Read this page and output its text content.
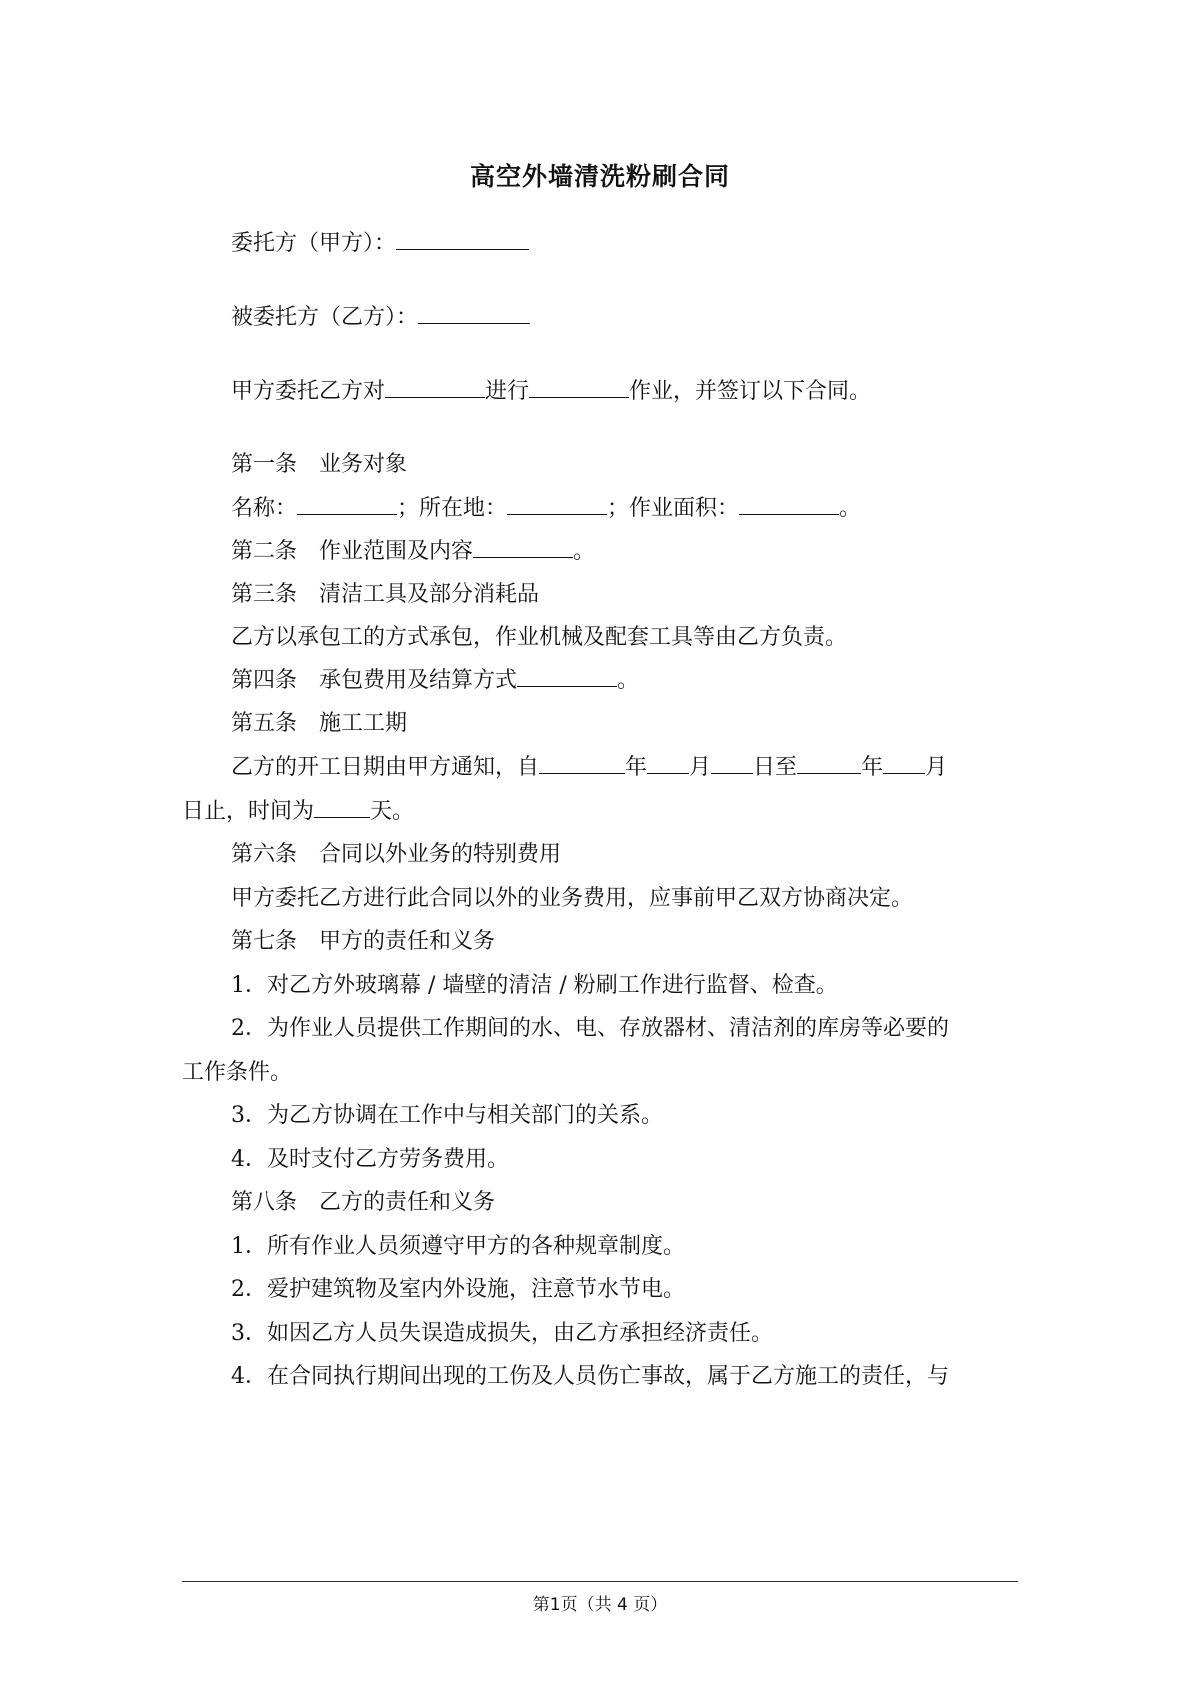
高空外墙清洗粉刷合同
委托方（甲方）：
被委托方（乙方）：
甲方委托乙方对	进行	作业，并签订以下合同。
第一条 业务对象
名称：	；所在地：	；作业面积：	。
第二条 作业范围及内容	。
第三条 清洁工具及部分消耗品
乙方以承包工的方式承包，作业机械及配套工具等由乙方负责。
第四条 承包费用及结算方式	。
第五条 施工工期
乙方的开工日期由甲方通知，自	年 月 日至	年 月
日止，时间为	天。
第六条 合同以外业务的特别费用
甲方委托乙方进行此合同以外的业务费用，应事前甲乙双方协商决定。
第七条 甲方的责任和义务
1．对乙方外玻璃幕 / 墙壁的清洁 / 粉刷工作进行监督、检查。
2．为作业人员提供工作期间的水、电、存放器材、清洁剂的库房等必要的
工作条件。
3．为乙方协调在工作中与相关部门的关系。
4．及时支付乙方劳务费用。
第八条 乙方的责任和义务
1．所有作业人员须遵守甲方的各种规章制度。
2．爱护建筑物及室内外设施，注意节水节电。
3．如因乙方人员失误造成损失，由乙方承担经济责任。
4．在合同执行期间出现的工伤及人员伤亡事故，属于乙方施工的责任，与
第1页（共 4 页）
